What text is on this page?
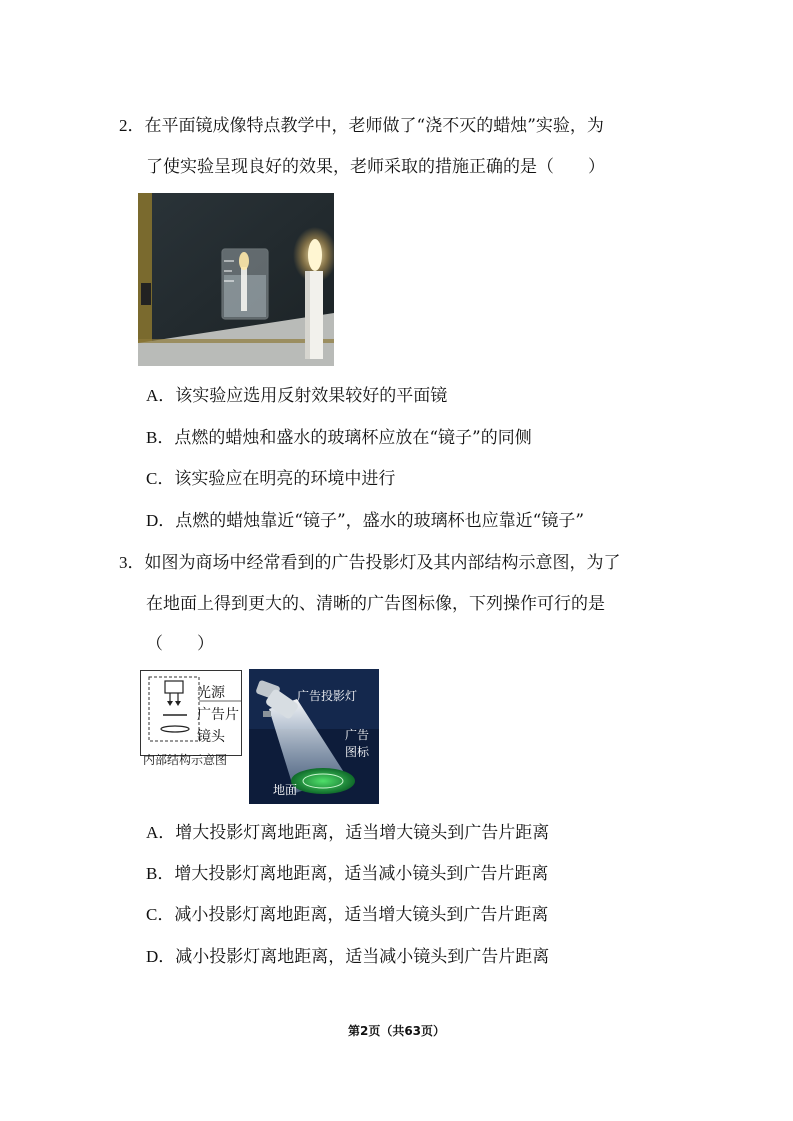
2．在平面镜成像特点教学中，老师做了“浇不灭的蜡烛”实验，为
了使实验呈现良好的效果，老师采取的措施正确的是（　　）
A．该实验应选用反射效果较好的平面镜
B．点燃的蜡烛和盛水的玻璃杯应放在“镜子”的同侧
C．该实验应在明亮的环境中进行
D．点燃的蜡烛靠近“镜子”，盛水的玻璃杯也应靠近“镜子”
3．如图为商场中经常看到的广告投影灯及其内部结构示意图，为了
在地面上得到更大的、清晰的广告图标像，下列操作可行的是
（　　）
光源
广告片
镜头
内部结构示意图
广告投影灯
广告
图标
地面
A．增大投影灯离地距离，适当增大镜头到广告片距离
B．增大投影灯离地距离，适当减小镜头到广告片距离
C．减小投影灯离地距离，适当增大镜头到广告片距离
D．减小投影灯离地距离，适当减小镜头到广告片距离
第2页（共63页）
